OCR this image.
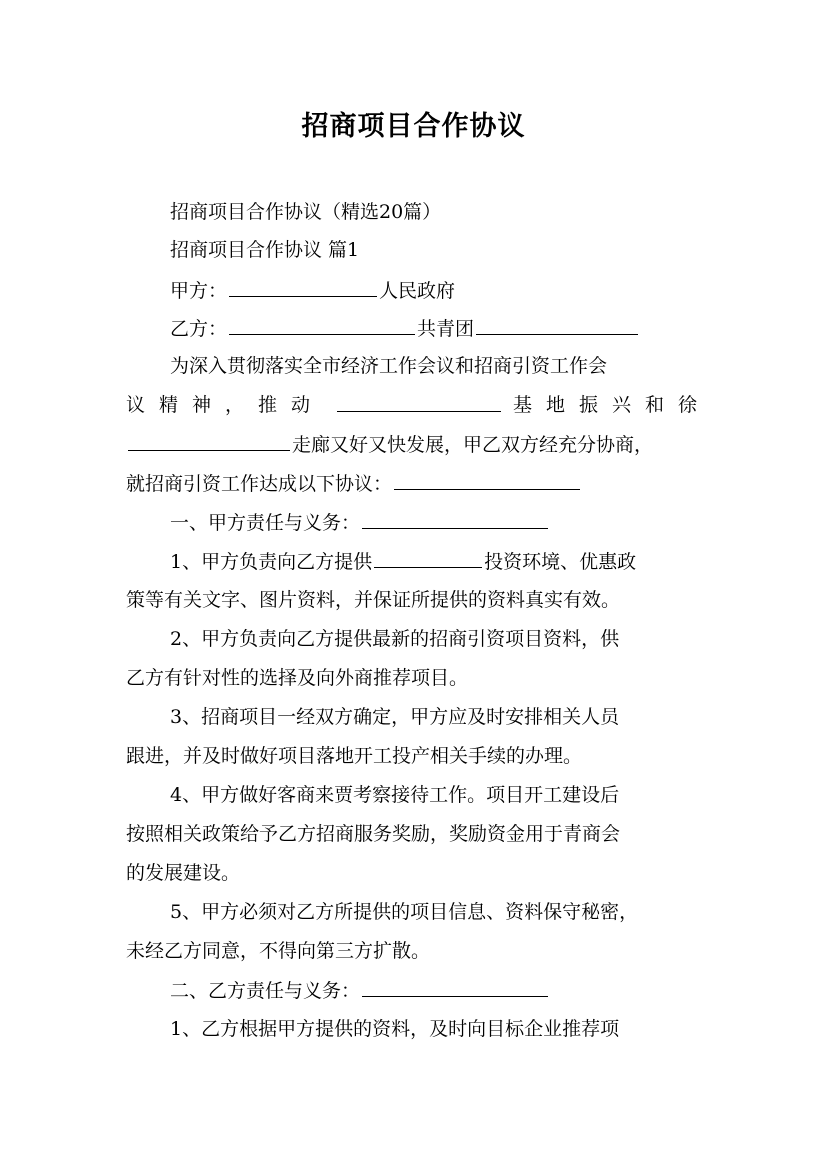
招商项目合作协议
招商项目合作协议（精选20篇）
招商项目合作协议 篇1
甲方：	人民政府
乙方：	共青团
为深入贯彻落实全市经济工作会议和招商引资工作会
议精神，推动	基地振兴和徐
走廊又好又快发展，甲乙双方经充分协商，
就招商引资工作达成以下协议：
一、甲方责任与义务：
1、甲方负责向乙方提供	投资环境、优惠政
策等有关文字、图片资料，并保证所提供的资料真实有效。
2、甲方负责向乙方提供最新的招商引资项目资料，供
乙方有针对性的选择及向外商推荐项目。
3、招商项目一经双方确定，甲方应及时安排相关人员
跟进，并及时做好项目落地开工投产相关手续的办理。
4、甲方做好客商来贾考察接待工作。项目开工建设后
按照相关政策给予乙方招商服务奖励，奖励资金用于青商会
的发展建设。
5、甲方必须对乙方所提供的项目信息、资料保守秘密，
未经乙方同意，不得向第三方扩散。
二、乙方责任与义务：
1、乙方根据甲方提供的资料，及时向目标企业推荐项
